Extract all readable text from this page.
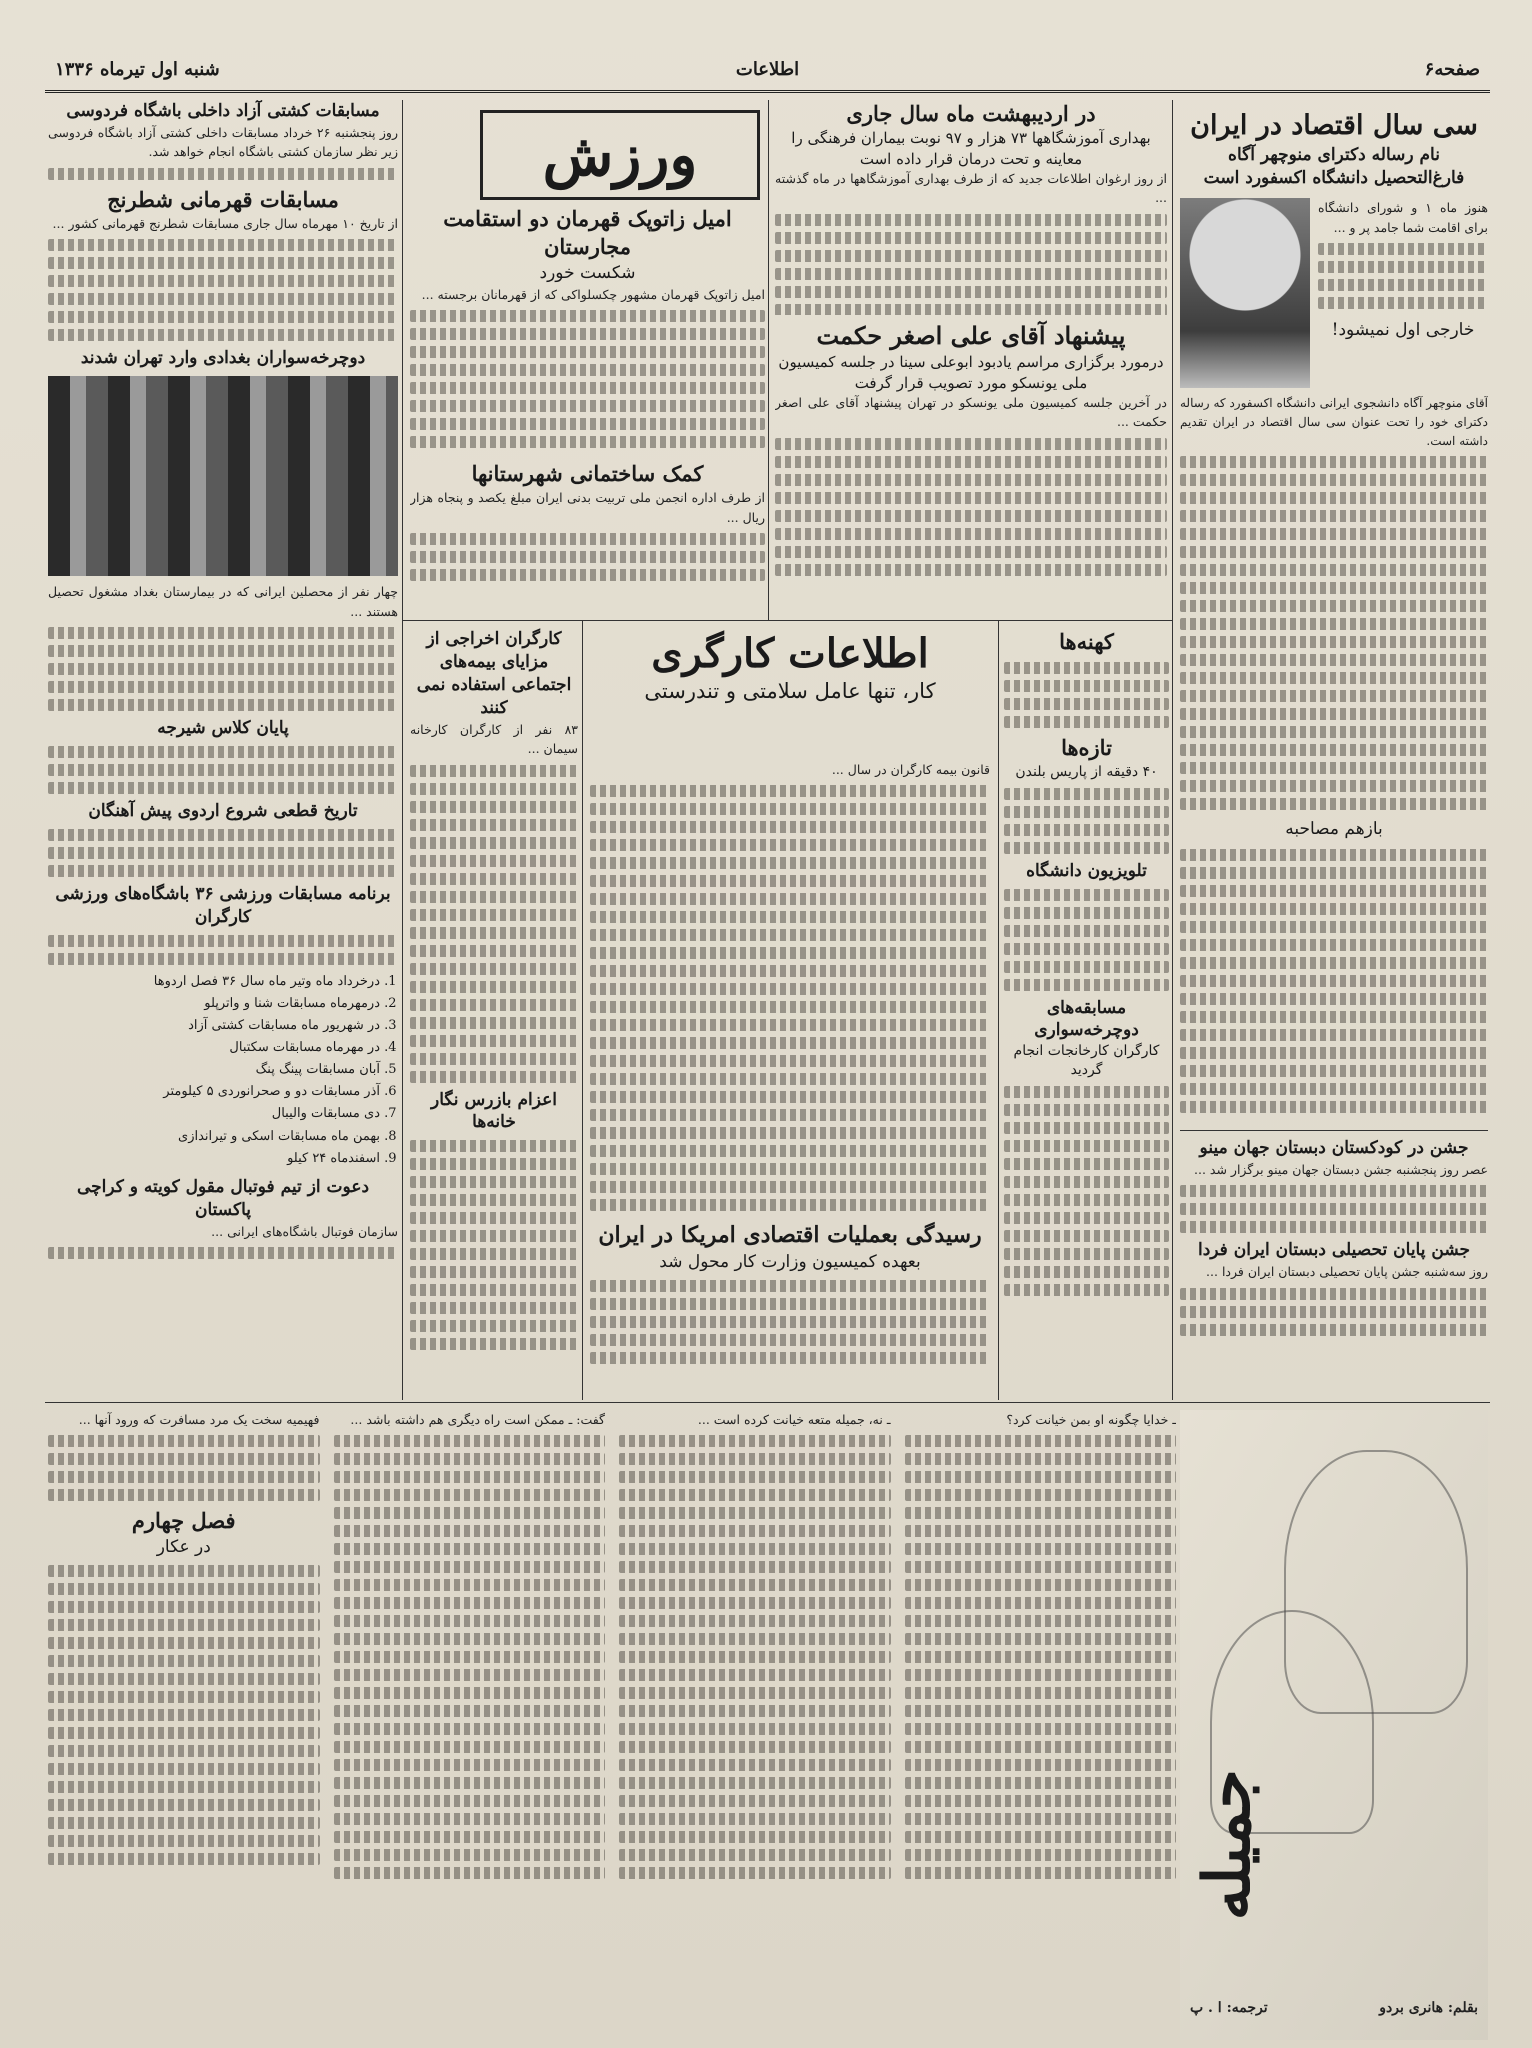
صفحه۶
اطلاعات
شنبه اول تیرماه ۱۳۳۶
سی سال اقتصاد در ایران
نام رساله دکترای منوچهر آگاه فارغ‌التحصیل دانشگاه اکسفورد است
هنوز ماه ۱ و شورای دانشگاه برای اقامت شما جامد پر و ...
خارجی اول نمیشود!
آقای منوچهر آگاه دانشجوی ایرانی دانشگاه اکسفورد که رساله دکترای خود را تحت عنوان سی سال اقتصاد در ایران تقدیم داشته است.
بازهم مصاحبه
جشن در کودکستان دبستان جهان مینو
عصر روز پنجشنبه جشن دبستان جهان مینو برگزار شد ...
جشن پایان تحصیلی دبستان ایران فردا
روز سه‌شنبه جشن پایان تحصیلی دبستان ایران فردا ...
در اردیبهشت ماه سال جاری
بهداری آموزشگاهها ۷۳ هزار و ۹۷ نوبت بیماران فرهنگی را معاینه و تحت درمان قرار داده است
از روز ارغوان اطلاعات جدید که از طرف بهداری آموزشگاهها در ماه گذشته ...
پیشنهاد آقای علی اصغر حکمت
درمورد برگزاری مراسم یادبود ابوعلی سینا در جلسه کمیسیون ملی یونسکو مورد تصویب قرار گرفت
در آخرین جلسه کمیسیون ملی یونسکو در تهران پیشنهاد آقای علی اصغر حکمت ...
ورزش
امیل زاتوپک قهرمان دو استقامت مجارستان
شکست خورد
امیل زاتوپک قهرمان مشهور چکسلواکی که از قهرمانان برجسته ...
کمک ساختمانی شهرستانها
از طرف اداره انجمن ملی تربیت بدنی ایران مبلغ یکصد و پنجاه هزار ریال ...
مسابقات کشتی آزاد داخلی باشگاه فردوسی
روز پنجشنبه ۲۶ خرداد مسابقات داخلی کشتی آزاد باشگاه فردوسی زیر نظر سازمان کشتی باشگاه انجام خواهد شد.
مسابقات قهرمانی شطرنج
از تاریخ ۱۰ مهرماه سال جاری مسابقات شطرنج قهرمانی کشور ...
دوچرخه‌سواران بغدادی وارد تهران شدند
چهار نفر از محصلین ایرانی که در بیمارستان بغداد مشغول تحصیل هستند ...
پایان کلاس شیرجه
تاریخ قطعی شروع اردوی پیش آهنگان
برنامه مسابقات ورزشی ۳۶ باشگاه‌های ورزشی کارگران
1. درخرداد ماه وتیر ماه سال ۳۶ فصل اردوها
2. درمهرماه مسابقات شنا و واترپلو
3. در شهریور ماه مسابقات کشتی آزاد
4. در مهرماه مسابقات سکتبال
5. آبان مسابقات پینگ پنگ
6. آذر مسابقات دو و صحرانوردی ۵ کیلومتر
7. دی مسابقات والیبال
8. بهمن ماه مسابقات اسکی و تیراندازی
9. اسفندماه ۲۴ کیلو
دعوت از تیم فوتبال مقول کویته و کراچی پاکستان
سازمان فوتبال باشگاه‌های ایرانی ...
اطلاعات کارگری
کار، تنها عامل سلامتی و تندرستی
کارگران اخراجی از مزایای بیمه‌های اجتماعی استفاده نمی کنند
۸۳ نفر از کارگران کارخانه سیمان ...
اعزام بازرس نگار خانه‌ها
قانون بیمه کارگران در سال ...
رسیدگی بعملیات اقتصادی امریکا در ایران
بعهده کمیسیون وزارت کار محول شد
کهنه‌ها
تازه‌ها
۴۰ دقیقه از پاریس بلندن
تلویزیون دانشگاه
مسابقه‌های دوچرخه‌سواری
کارگران کارخانجات انجام گردید
جمیله
بقلم: هانری بردو
ترجمه: ا . پ
ـ خدایا چگونه او بمن خیانت کرد؟
ـ نه، جمیله متعه خیانت کرده است ...
گفت: ـ ممکن است راه دیگری هم داشته باشد ...
فهیمیه سخت یک مرد مسافرت که ورود آنها ...
فصل چهارم
در عکار
